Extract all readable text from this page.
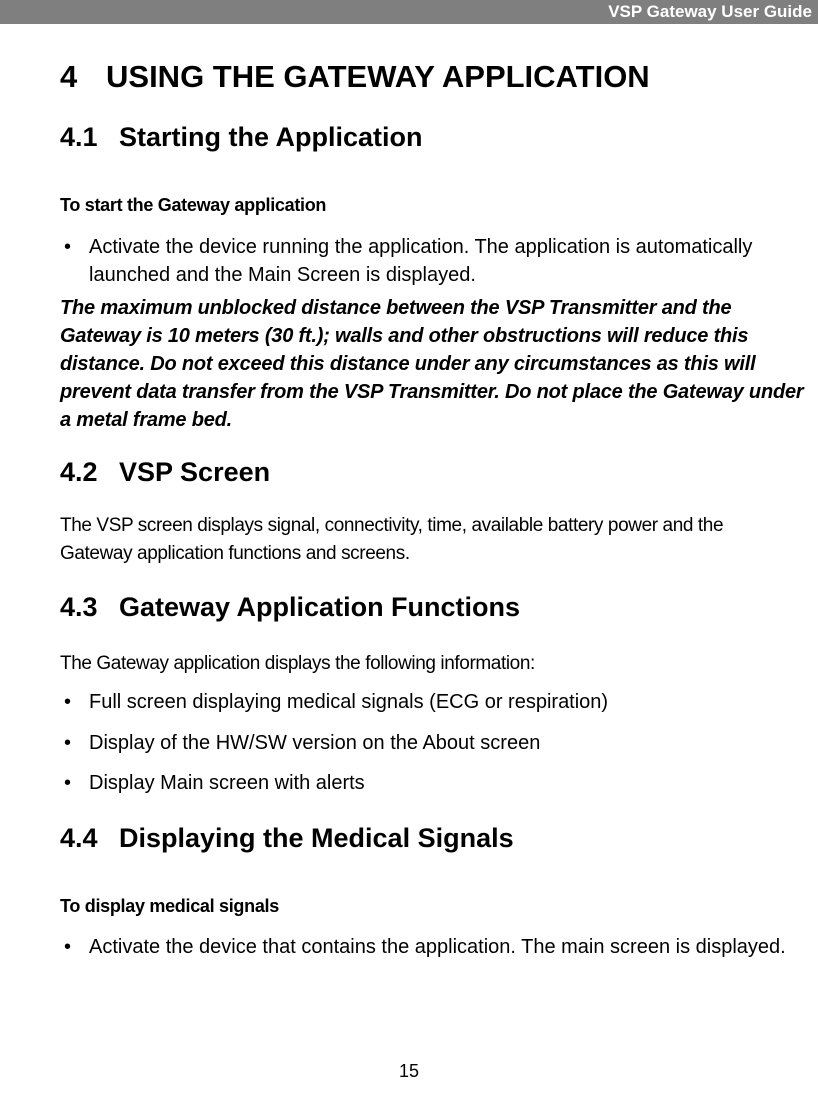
VSP Gateway User Guide
4 USING THE GATEWAY APPLICATION
4.1 Starting the Application
To start the Gateway application
• Activate the device running the application. The application is automatically launched and the Main Screen is displayed.
The maximum unblocked distance between the VSP Transmitter and the Gateway is 10 meters (30 ft.); walls and other obstructions will reduce this distance. Do not exceed this distance under any circumstances as this will prevent data transfer from the VSP Transmitter. Do not place the Gateway under a metal frame bed.
4.2 VSP Screen
The VSP screen displays signal, connectivity, time, available battery power and the Gateway application functions and screens.
4.3 Gateway Application Functions
The Gateway application displays the following information:
• Full screen displaying medical signals (ECG or respiration)
• Display of the HW/SW version on the About screen
• Display Main screen with alerts
4.4 Displaying the Medical Signals
To display medical signals
• Activate the device that contains the application. The main screen is displayed.
15
